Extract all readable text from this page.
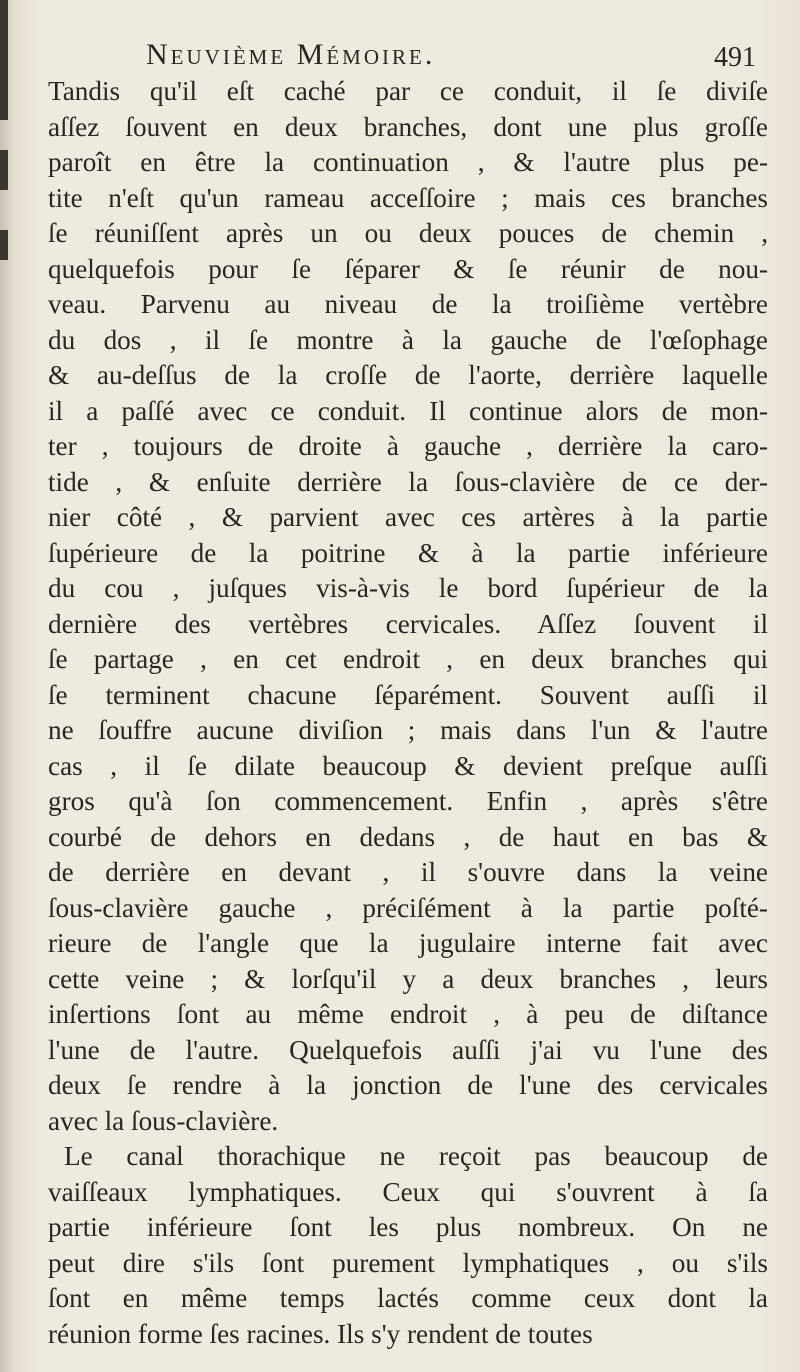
Neuvième Mémoire.	491
Tandis qu'il eſt caché par ce conduit, il ſe diviſe
aſſez ſouvent en deux branches, dont une plus groſſe
paroît en être la continuation , & l'autre plus pe-
tite n'eſt qu'un rameau acceſſoire ; mais ces branches
ſe réuniſſent après un ou deux pouces de chemin ,
quelquefois pour ſe ſéparer & ſe réunir de nou-
veau. Parvenu au niveau de la troiſième vertèbre
du dos , il ſe montre à la gauche de l'œſophage
& au-deſſus de la croſſe de l'aorte, derrière laquelle
il a paſſé avec ce conduit. Il continue alors de mon-
ter , toujours de droite à gauche , derrière la caro-
tide , & enſuite derrière la ſous-clavière de ce der-
nier côté , & parvient avec ces artères à la partie
ſupérieure de la poitrine & à la partie inférieure
du cou , juſques vis-à-vis le bord ſupérieur de la
dernière des vertèbres cervicales. Aſſez ſouvent il
ſe partage , en cet endroit , en deux branches qui
ſe terminent chacune ſéparément. Souvent auſſi il
ne ſouffre aucune diviſion ; mais dans l'un & l'autre
cas , il ſe dilate beaucoup & devient preſque auſſi
gros qu'à ſon commencement. Enfin , après s'être
courbé de dehors en dedans , de haut en bas &
de derrière en devant , il s'ouvre dans la veine
ſous-clavière gauche , préciſément à la partie poſté-
rieure de l'angle que la jugulaire interne fait avec
cette veine ; & lorſqu'il y a deux branches , leurs
inſertions ſont au même endroit , à peu de diſtance
l'une de l'autre. Quelquefois auſſi j'ai vu l'une des
deux ſe rendre à la jonction de l'une des cervicales
avec la ſous-clavière.
Le canal thorachique ne reçoit pas beaucoup de
vaiſſeaux lymphatiques. Ceux qui s'ouvrent à ſa
partie inférieure ſont les plus nombreux. On ne
peut dire s'ils ſont purement lymphatiques , ou s'ils
ſont en même temps lactés comme ceux dont la
réunion forme ſes racines. Ils s'y rendent de toutes
